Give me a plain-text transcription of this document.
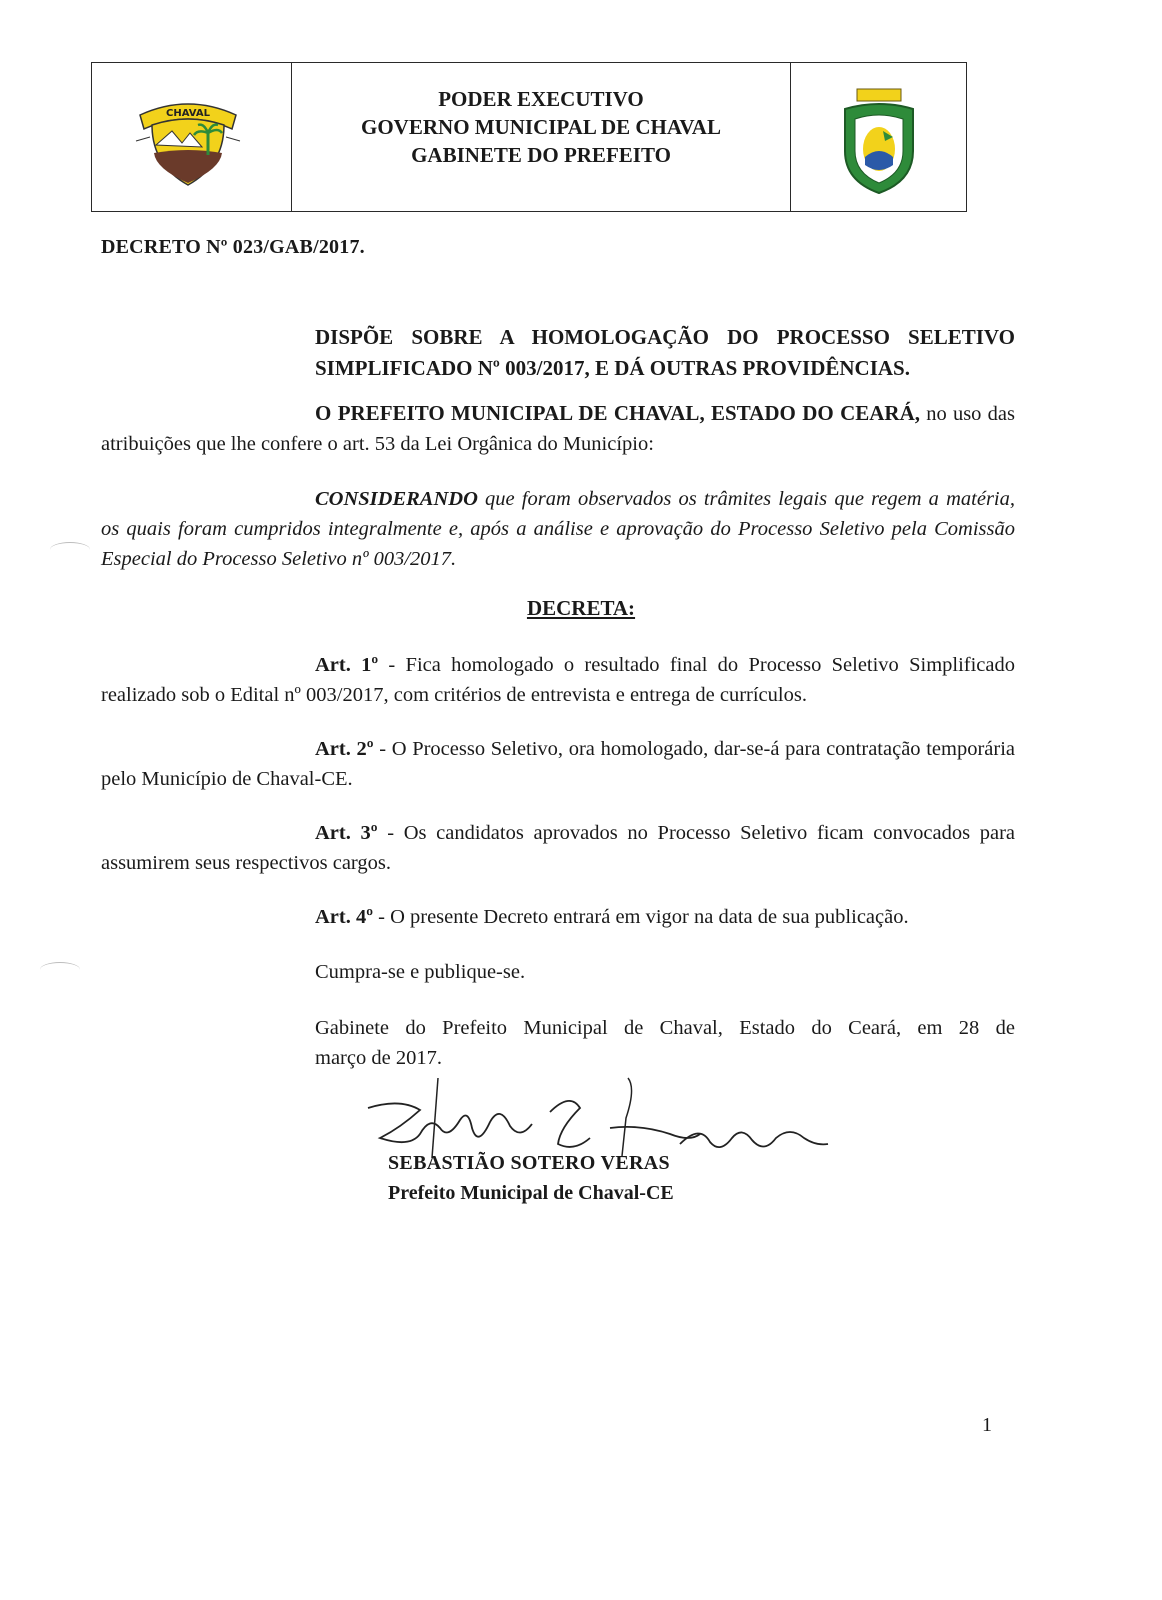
CHAVAL
PODER EXECUTIVO
GOVERNO MUNICIPAL DE CHAVAL
GABINETE DO PREFEITO
DECRETO Nº 023/GAB/2017.
DISPÕE SOBRE A HOMOLOGAÇÃO DO PROCESSO SELETIVO SIMPLIFICADO Nº 003/2017, E DÁ OUTRAS PROVIDÊNCIAS.
O PREFEITO MUNICIPAL DE CHAVAL, ESTADO DO CEARÁ, no uso das atribuições que lhe confere o art. 53 da Lei Orgânica do Município:
CONSIDERANDO que foram observados os trâmites legais que regem a matéria, os quais foram cumpridos integralmente e, após a análise e aprovação do Processo Seletivo pela Comissão Especial do Processo Seletivo nº 003/2017.
DECRETA:
Art. 1º - Fica homologado o resultado final do Processo Seletivo Simplificado realizado sob o Edital nº 003/2017, com critérios de entrevista e entrega de currículos.
Art. 2º - O Processo Seletivo, ora homologado, dar-se-á para contratação temporária pelo Município de Chaval-CE.
Art. 3º - Os candidatos aprovados no Processo Seletivo ficam convocados para assumirem seus respectivos cargos.
Art. 4º - O presente Decreto entrará em vigor na data de sua publicação.
Cumpra-se e publique-se.
Gabinete do Prefeito Municipal de Chaval, Estado do Ceará, em 28 de
março de 2017.
SEBASTIÃO SOTERO VERAS
Prefeito Municipal de Chaval-CE
1
